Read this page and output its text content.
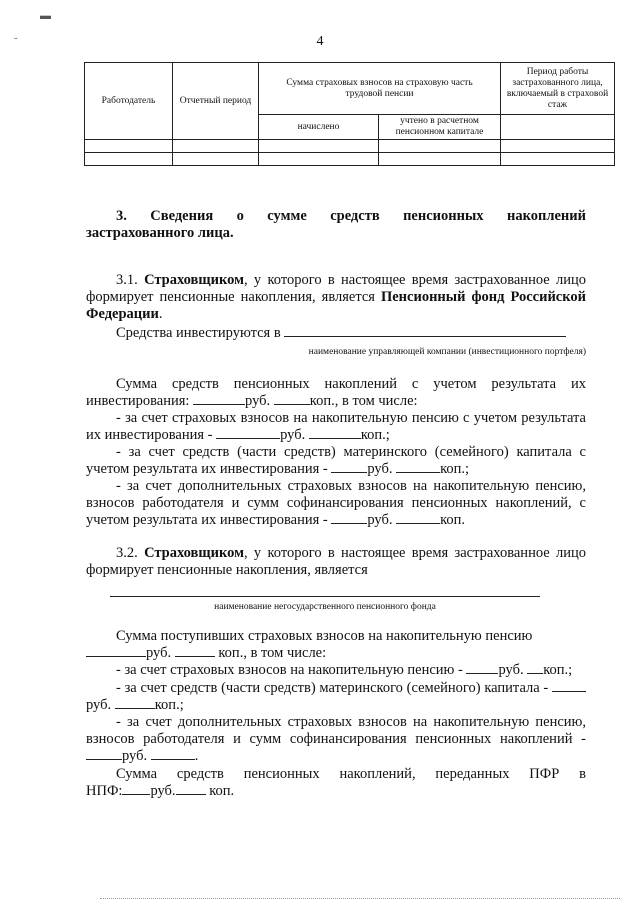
▬
˘	4
Работодатель	Отчетный период	Сумма страховых взносов на страховую часть трудовой пенсии		Период работы застрахованного лица, включаемый в страховой стаж
		начислено	учтено в расчетном пенсионном капитале	

3. Сведения о сумме средств пенсионных накоплений
застрахованного лица.
3.1. Страховщиком, у которого в настоящее время застрахованное лицо формирует пенсионные накопления, является Пенсионный фонд Российской Федерации.
Средства инвестируются в
наименование управляющей компании (инвестиционного портфеля)
Сумма средств пенсионных накоплений с учетом результата их инвестирования:	руб.	коп., в том числе:
- за счет страховых взносов на накопительную пенсию с учетом результата их инвестирования -	руб.	коп.;
- за счет средств (части средств) материнского (семейного) капитала с учетом результата их инвестирования -	руб.	коп.;
- за счет дополнительных страховых взносов на накопительную пенсию, взносов работодателя и сумм софинансирования пенсионных накоплений, с учетом результата их инвестирования -	руб.	коп.
3.2. Страховщиком, у которого в настоящее время застрахованное лицо формирует пенсионные накопления, является
наименование негосударственного пенсионного фонда
Сумма поступивших страховых взносов на накопительную пенсию
руб.	коп., в том числе:
- за счет страховых взносов на накопительную пенсию - руб. коп.;
- за счет средств (части средств) материнского (семейного) капитала - руб.	коп.;
- за счет дополнительных страховых взносов на накопительную пенсию, взносов работодателя и сумм софинансирования пенсионных накоплений - руб.	.
Сумма средств пенсионных накоплений, переданных ПФР в
НПФ: руб. коп.
